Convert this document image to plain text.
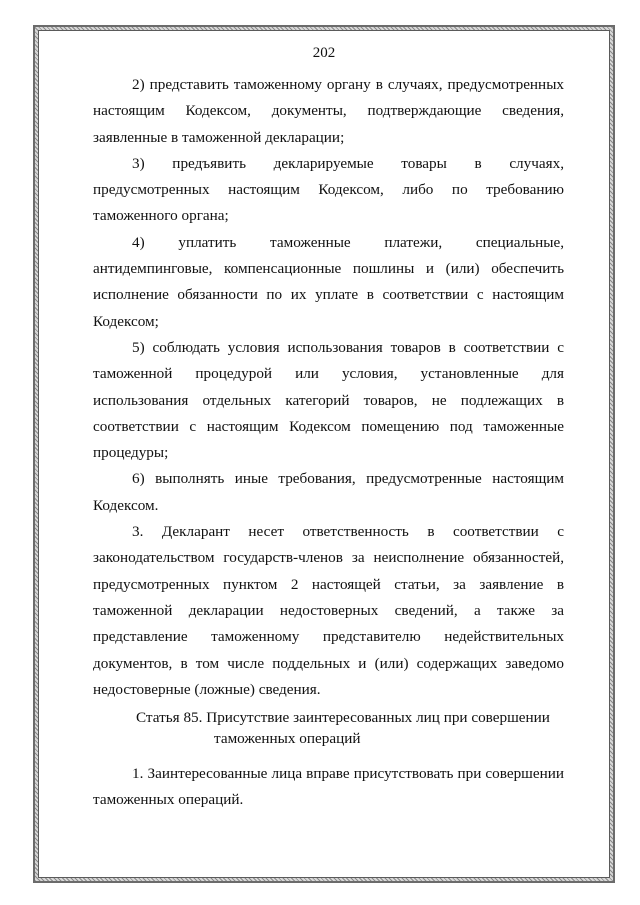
202

2) представить таможенному органу в случаях, предусмотренных настоящим Кодексом, документы, подтверждающие сведения, заявленные в таможенной декларации;

3) предъявить декларируемые товары в случаях, предусмотренных настоящим Кодексом, либо по требованию таможенного органа;

4) уплатить таможенные платежи, специальные, антидемпинговые, компенсационные пошлины и (или) обеспечить исполнение обязанности по их уплате в соответствии с настоящим Кодексом;

5) соблюдать условия использования товаров в соответствии с таможенной процедурой или условия, установленные для использования отдельных категорий товаров, не подлежащих в соответствии с настоящим Кодексом помещению под таможенные процедуры;

6) выполнять иные требования, предусмотренные настоящим Кодексом.

3. Декларант несет ответственность в соответствии с законодательством государств-членов за неисполнение обязанностей, предусмотренных пунктом 2 настоящей статьи, за заявление в таможенной декларации недостоверных сведений, а также за представление таможенному представителю недействительных документов, в том числе поддельных и (или) содержащих заведомо недостоверные (ложные) сведения.

Статья 85. Присутствие заинтересованных лиц при совершении
таможенных операций

1. Заинтересованные лица вправе присутствовать при совершении таможенных операций.
